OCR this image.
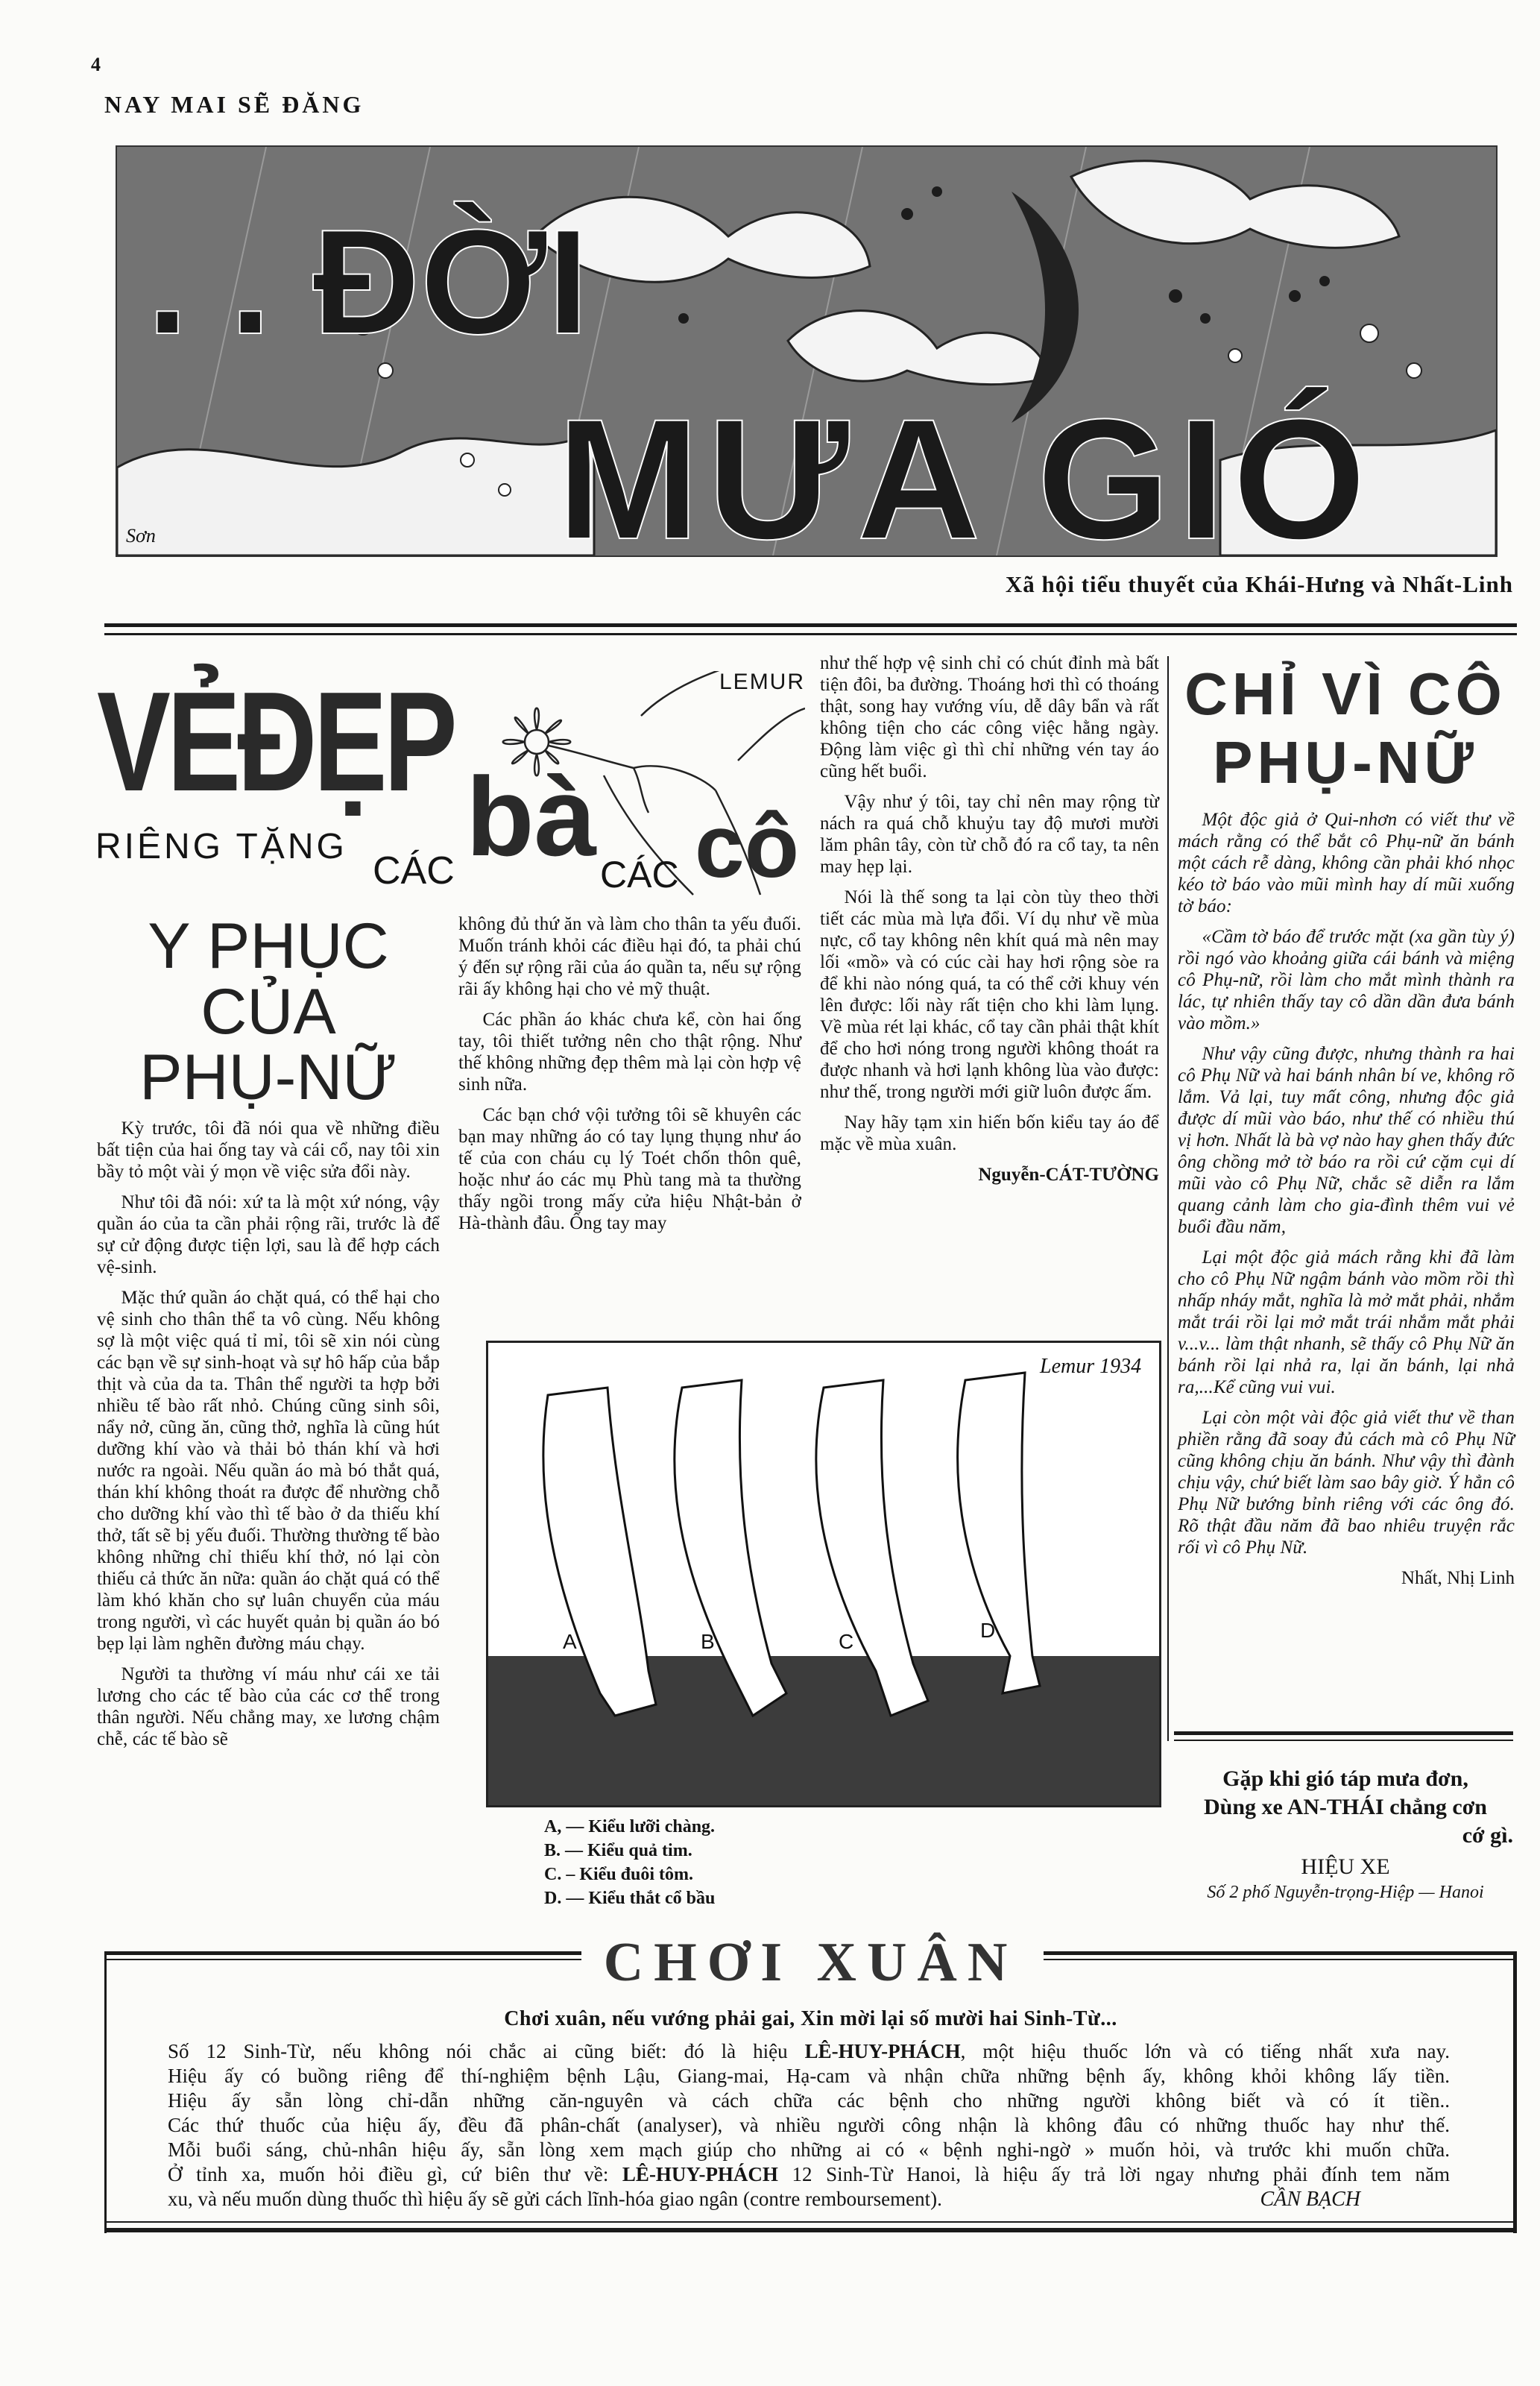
4
NAY MAI SẼ ĐĂNG
. . ĐỜI
MƯA GIÓ
Sơn
Xã hội tiểu thuyết của Khái-Hưng và Nhất-Linh
VẺĐẸP
RIÊNG TẶNG
CÁC bà CÁC cô
LEMUR
Y PHỤC
CỦA
PHỤ-NỮ

Kỳ trước, tôi đã nói qua về những điều bất tiện của hai ống tay và cái cổ, nay tôi xin bầy tỏ một vài ý mọn về việc sửa đổi này.

Như tôi đã nói: xứ ta là một xứ nóng, vậy quần áo của ta cần phải rộng rãi, trước là để sự cử động được tiện lợi, sau là để hợp cách vệ-sinh.

Mặc thứ quần áo chặt quá, có thể hại cho vệ sinh cho thân thể ta vô cùng. Nếu không sợ là một việc quá tỉ mỉ, tôi sẽ xin nói cùng các bạn về sự sinh-hoạt và sự hô hấp của bắp thịt và của da ta. Thân thể người ta hợp bởi nhiều tế bào rất nhỏ. Chúng cũng sinh sôi, nẩy nở, cũng ăn, cũng thở, nghĩa là cũng hút dưỡng khí vào và thải bỏ thán khí và hơi nước ra ngoài. Nếu quần áo mà bó thắt quá, thán khí không thoát ra được để nhường chỗ cho dưỡng khí vào thì tế bào ở da thiếu khí thở, tất sẽ bị yếu đuối. Thường thường tế bào không những chỉ thiếu khí thở, nó lại còn thiếu cả thức ăn nữa: quần áo chặt quá có thể làm khó khăn cho sự luân chuyển của máu trong người, vì các huyết quản bị quần áo bó bẹp lại làm nghẽn đường máu chạy.

Người ta thường ví máu như cái xe tải lương cho các tế bào của các cơ thể trong thân người. Nếu chẳng may, xe lương chậm chễ, các tế bào sẽ

không đủ thứ ăn và làm cho thân ta yếu đuối. Muốn tránh khỏi các điều hại đó, ta phải chú ý đến sự rộng rãi của áo quần ta, nếu sự rộng rãi ấy không hại cho vẻ mỹ thuật.

Các phần áo khác chưa kể, còn hai ống tay, tôi thiết tưởng nên cho thật rộng. Như thế không những đẹp thêm mà lại còn hợp vệ sinh nữa.

Các bạn chớ vội tưởng tôi sẽ khuyên các bạn may những áo có tay lụng thụng như áo tế của con cháu cụ lý Toét chốn thôn quê, hoặc như áo các mụ Phù tang mà ta thường thấy ngồi trong mấy cửa hiệu Nhật-bản ở Hà-thành đâu. Ống tay may

như thế hợp vệ sinh chỉ có chút đỉnh mà bất tiện đôi, ba đường. Thoáng hơi thì có thoáng thật, song hay vướng víu, dễ dây bẩn và rất không tiện cho các công việc hằng ngày. Động làm việc gì thì chỉ những vén tay áo cũng hết buổi.

Vậy như ý tôi, tay chỉ nên may rộng từ nách ra quá chỗ khuỷu tay độ mươi mười lăm phân tây, còn từ chỗ đó ra cổ tay, ta nên may hẹp lại.

Nói là thế song ta lại còn tùy theo thời tiết các mùa mà lựa đổi. Ví dụ như về mùa nực, cổ tay không nên khít quá mà nên may lối «mồ» và có cúc cài hay hơi rộng sòe ra để khi nào nóng quá, ta có thể cởi khuy vén lên được: lối này rất tiện cho khi làm lụng. Về mùa rét lại khác, cổ tay cần phải thật khít để cho hơi nóng trong người không thoát ra được nhanh và hơi lạnh không lùa vào được: như thế, trong người mới giữ luôn được ấm.

Nay hãy tạm xin hiến bốn kiểu tay áo để mặc về mùa xuân.

Nguyễn-CÁT-TƯỜNG
A	B	C	D
Lemur 1934
A, — Kiểu lưỡi chàng.
B. — Kiểu quả tim.
C. – Kiểu đuôi tôm.
D. — Kiểu thắt cổ bầu
CHỈ VÌ CÔ
PHỤ-NỮ

Một độc giả ở Qui-nhơn có viết thư về mách rằng có thể bắt cô Phụ-nữ ăn bánh một cách rễ dàng, không cần phải khó nhọc kéo tờ báo vào mũi mình hay dí mũi xuống tờ báo:

«Cầm tờ báo để trước mặt (xa gần tùy ý) rồi ngó vào khoảng giữa cái bánh và miệng cô Phụ-nữ, rồi làm cho mắt mình thành ra lác, tự nhiên thấy tay cô dần dần đưa bánh vào mồm.»

Như vậy cũng được, nhưng thành ra hai cô Phụ Nữ và hai bánh nhân bí ve, không rõ lắm. Vả lại, tuy mất công, nhưng độc giả được dí mũi vào báo, như thế có nhiều thú vị hơn. Nhất là bà vợ nào hay ghen thấy đức ông chồng mở tờ báo ra rồi cứ cặm cụi dí mũi vào cô Phụ Nữ, chắc sẽ diễn ra lắm quang cảnh làm cho gia-đình thêm vui vẻ buổi đầu năm,

Lại một độc giả mách rằng khi đã làm cho cô Phụ Nữ ngậm bánh vào mồm rồi thì nhấp nháy mắt, nghĩa là mở mắt phải, nhắm mắt trái rồi lại mở mắt trái nhắm mắt phải v...v... làm thật nhanh, sẽ thấy cô Phụ Nữ ăn bánh rồi lại nhả ra, lại ăn bánh, lại nhả ra,...Kể cũng vui vui.

Lại còn một vài độc giả viết thư về than phiền rằng đã soay đủ cách mà cô Phụ Nữ cũng không chịu ăn bánh. Như vậy thì đành chịu vậy, chứ biết làm sao bây giờ. Ý hẳn cô Phụ Nữ bướng bỉnh riêng với các ông đó. Rõ thật đầu năm đã bao nhiêu truyện rắc rối vì cô Phụ Nữ.

Nhất, Nhị Linh
Gặp khi gió táp mưa đơn,
Dùng xe AN-THÁI chẳng cơn
cớ gì.
HIỆU XE
Số 2 phố Nguyễn-trọng-Hiệp — Hanoi
CHƠI XUÂN
Chơi xuân, nếu vướng phải gai, Xin mời lại số mười hai Sinh-Từ...
Số 12 Sinh-Từ, nếu không nói chắc ai cũng biết: đó là hiệu LÊ-HUY-PHÁCH, một hiệu thuốc lớn và có tiếng nhất xưa nay.
Hiệu ấy có buồng riêng để thí-nghiệm bệnh Lậu, Giang-mai, Hạ-cam và nhận chữa những bệnh ấy, không khỏi không lấy tiền.
Hiệu ấy sẵn lòng chỉ-dẫn những căn-nguyên và cách chữa các bệnh cho những người không biết và có ít tiền..
Các thứ thuốc của hiệu ấy, đều đã phân-chất (analyser), và nhiều người công nhận là không đâu có những thuốc hay như thế.
Mỗi buổi sáng, chủ-nhân hiệu ấy, sẵn lòng xem mạch giúp cho những ai có « bệnh nghi-ngờ » muốn hỏi, và trước khi muốn chữa.
Ở tỉnh xa, muốn hỏi điều gì, cứ biên thư về: LÊ-HUY-PHÁCH 12 Sinh-Từ Hanoi, là hiệu ấy trả lời ngay nhưng phải đính tem năm
CẦN BẠCH
xu, và nếu muốn dùng thuốc thì hiệu ấy sẽ gửi cách lĩnh-hóa giao ngân (contre remboursement).
